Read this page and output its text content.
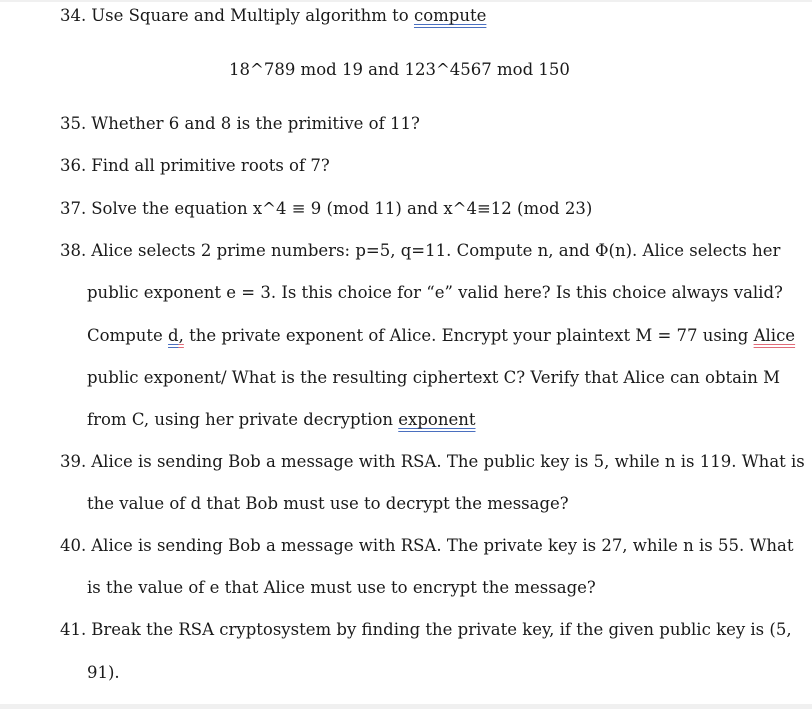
34. Use Square and Multiply algorithm to compute
18^789 mod 19 and 123^4567 mod 150
35. Whether 6 and 8 is the primitive of 11?
36. Find all primitive roots of 7?
37. Solve the equation x^4 ≡ 9 (mod 11) and x^4≡12 (mod 23)
38. Alice selects 2 prime numbers: p=5, q=11. Compute n, and Φ(n). Alice selects her
public exponent e = 3. Is this choice for “e” valid here? Is this choice always valid?
Compute d, the private exponent of Alice. Encrypt your plaintext M = 77 using Alice
public exponent/ What is the resulting ciphertext C? Verify that Alice can obtain M
from C, using her private decryption exponent
39. Alice is sending Bob a message with RSA. The public key is 5, while n is 119. What is
the value of d that Bob must use to decrypt the message?
40. Alice is sending Bob a message with RSA. The private key is 27, while n is 55. What
is the value of e that Alice must use to encrypt the message?
41. Break the RSA cryptosystem by finding the private key, if the given public key is (5,
91).
